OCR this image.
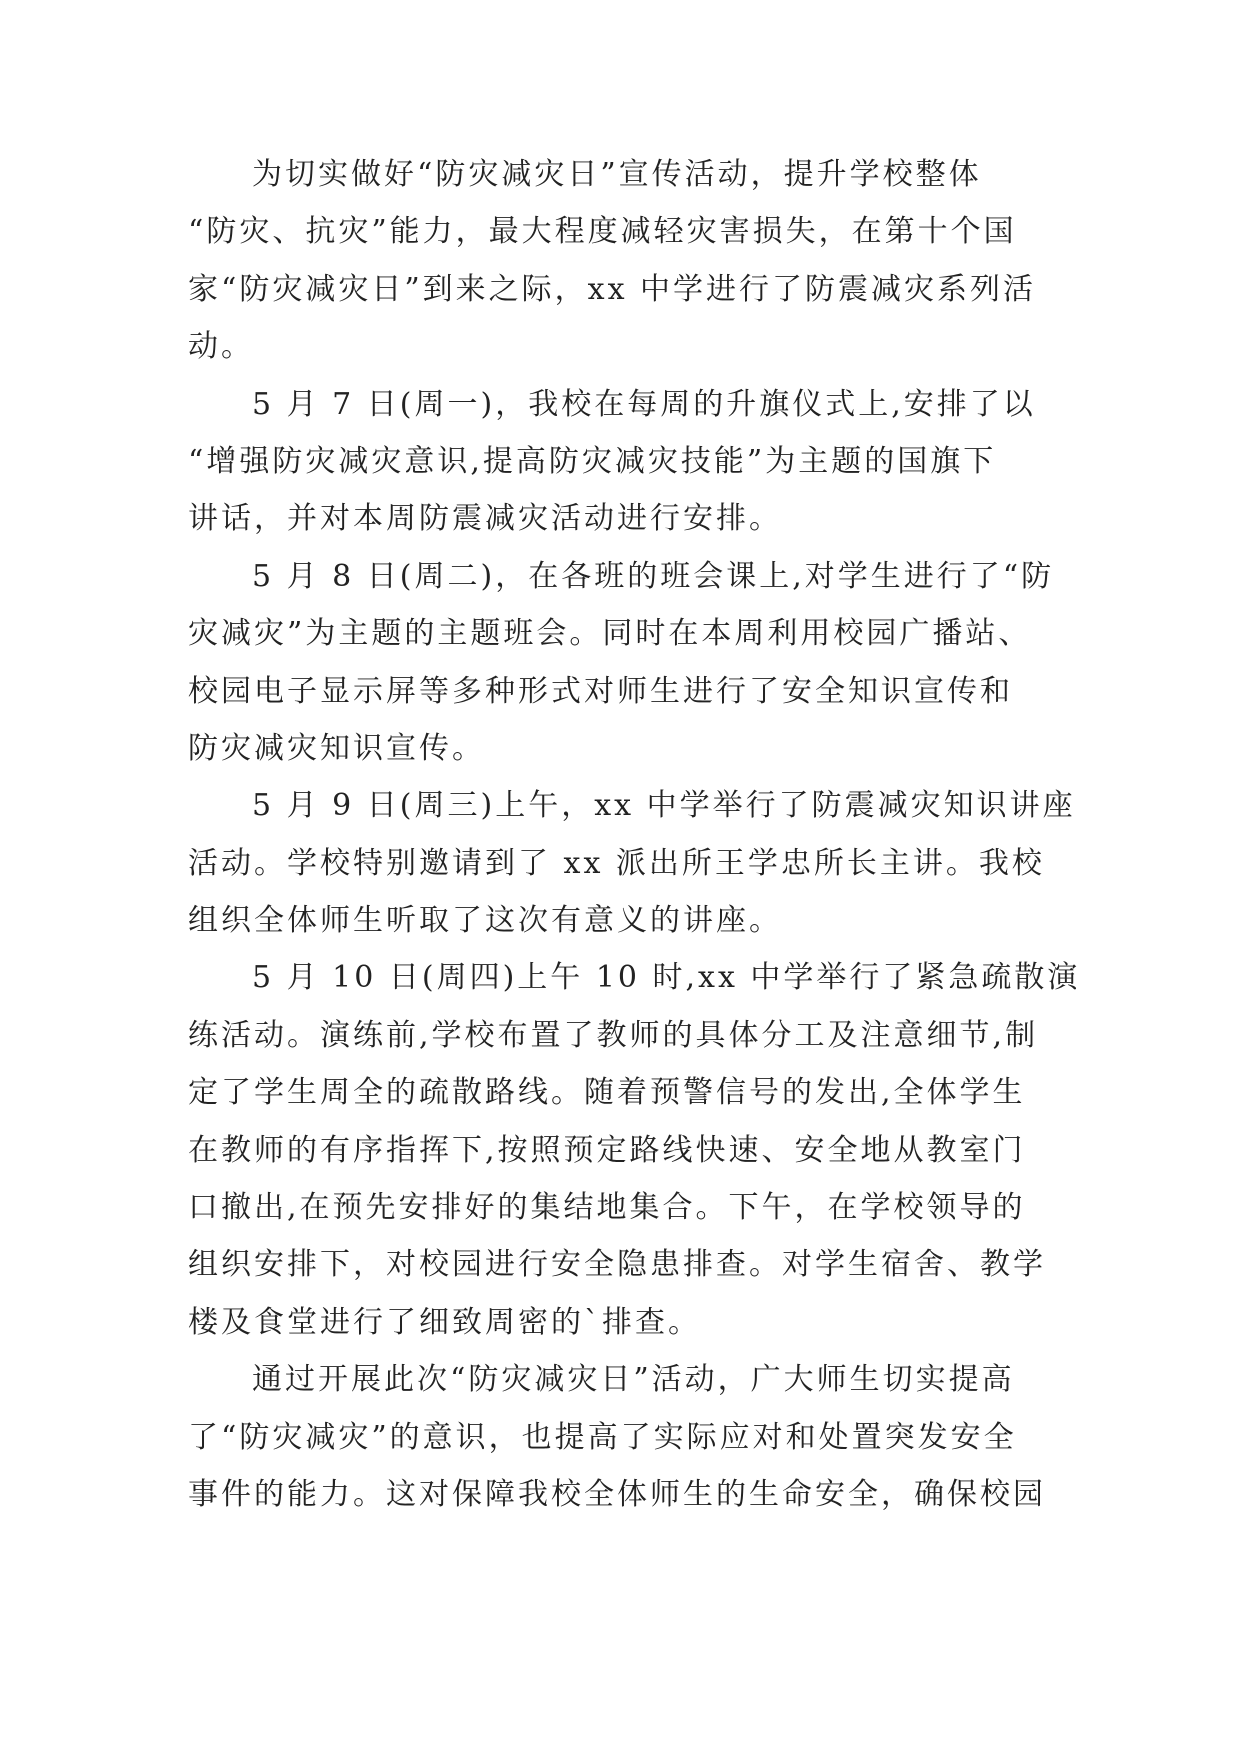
为切实做好“防灾减灾日”宣传活动，提升学校整体
“防灾、抗灾”能力，最大程度减轻灾害损失，在第十个国
家“防灾减灾日”到来之际，xx 中学进行了防震减灾系列活
动。
5 月 7 日(周一)，我校在每周的升旗仪式上,安排了以
“增强防灾减灾意识,提高防灾减灾技能”为主题的国旗下
讲话，并对本周防震减灾活动进行安排。
5 月 8 日(周二)，在各班的班会课上,对学生进行了“防
灾减灾”为主题的主题班会。同时在本周利用校园广播站、
校园电子显示屏等多种形式对师生进行了安全知识宣传和
防灾减灾知识宣传。
5 月 9 日(周三)上午，xx 中学举行了防震减灾知识讲座
活动。学校特别邀请到了 xx 派出所王学忠所长主讲。我校
组织全体师生听取了这次有意义的讲座。
5 月 10 日(周四)上午 10 时,xx 中学举行了紧急疏散演
练活动。演练前,学校布置了教师的具体分工及注意细节,制
定了学生周全的疏散路线。随着预警信号的发出,全体学生
在教师的有序指挥下,按照预定路线快速、安全地从教室门
口撤出,在预先安排好的集结地集合。下午，在学校领导的
组织安排下，对校园进行安全隐患排查。对学生宿舍、教学
楼及食堂进行了细致周密的`排查。
通过开展此次“防灾减灾日”活动，广大师生切实提高
了“防灾减灾”的意识，也提高了实际应对和处置突发安全
事件的能力。这对保障我校全体师生的生命安全，确保校园
